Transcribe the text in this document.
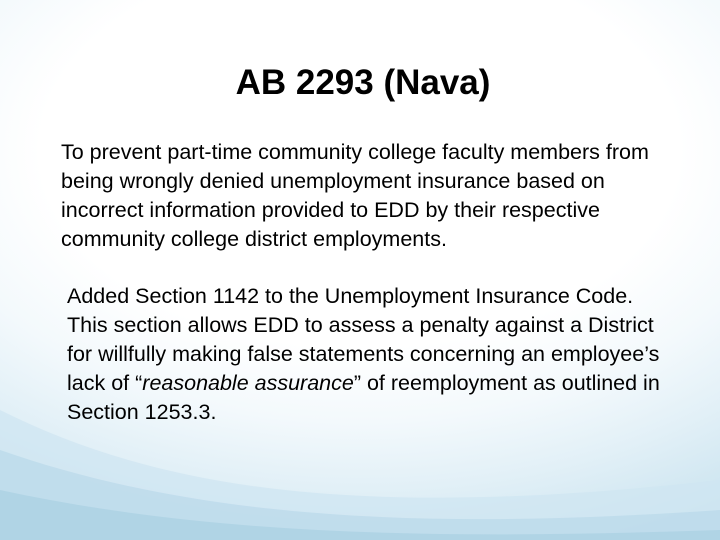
AB 2293 (Nava)

To prevent part-time community college faculty members from being wrongly denied unemployment insurance based on incorrect information provided to EDD by their respective community college district employments.

Added Section 1142 to the Unemployment Insurance Code. This section allows EDD to assess a penalty against a District for willfully making false statements concerning an employee’s lack of “reasonable assurance” of reemployment as outlined in Section 1253.3.
